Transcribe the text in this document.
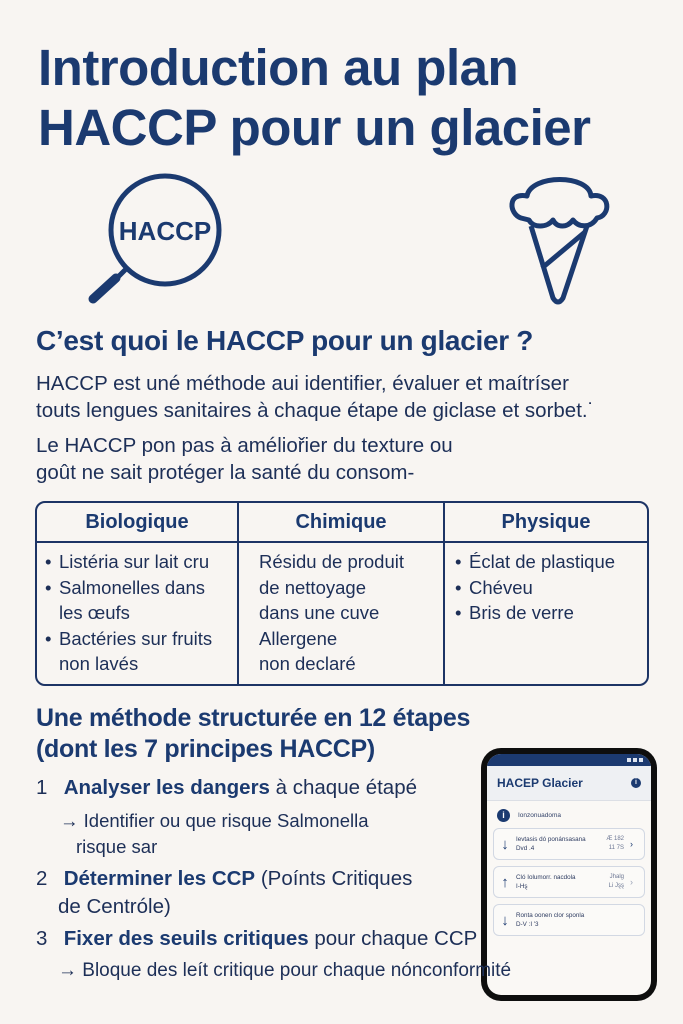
Introduction au plan
HACCP pour un glacier
HACCP
C’est quoi le HACCP pour un glacier ?

HACCP est uné méthode aui identifier, évaluer et maítríser
touts lengues sanitaires à chaque étape de giclase et sorbet.˙

Le HACCP pon pas à améliořier du texture ou
goût ne sait protéger la santé du consom-

Biologique
• Listéria sur lait cru
• Salmonelles dans
les œufs
• Bactéries sur fruits
non lavés
Chimique
Résidu de produit
de nettoyage
dans une cuve
Allergene
non declaré
Physique
• Éclat de plastique
• Chéveu
• Bris de verre
Une méthode structurée en 12 étapes
(dont les 7 principes HACCP)
1 Analyser les dangers à chaque étapé
→ Identifier ou que risque Salmonella
risque sar
2 Déterminer les CCP (Poínts Critiques
de Centróle)
3 Fixer des seuils critiques pour chaque CCP
HACEP Glacier	i
i	Ionzonuadoma
↓ Ievtasis dó ponánsasana
Dvd .4
Æ 182
11 7S ›
↑ Cló Iolumorr. nacdola
I-Hȿ
Jhalg
Li Jȿȿ ›
↓ Ronta oonen clor sponla
D-V :I '3
→ Bloque des leít critique pour chaque nónconformité
